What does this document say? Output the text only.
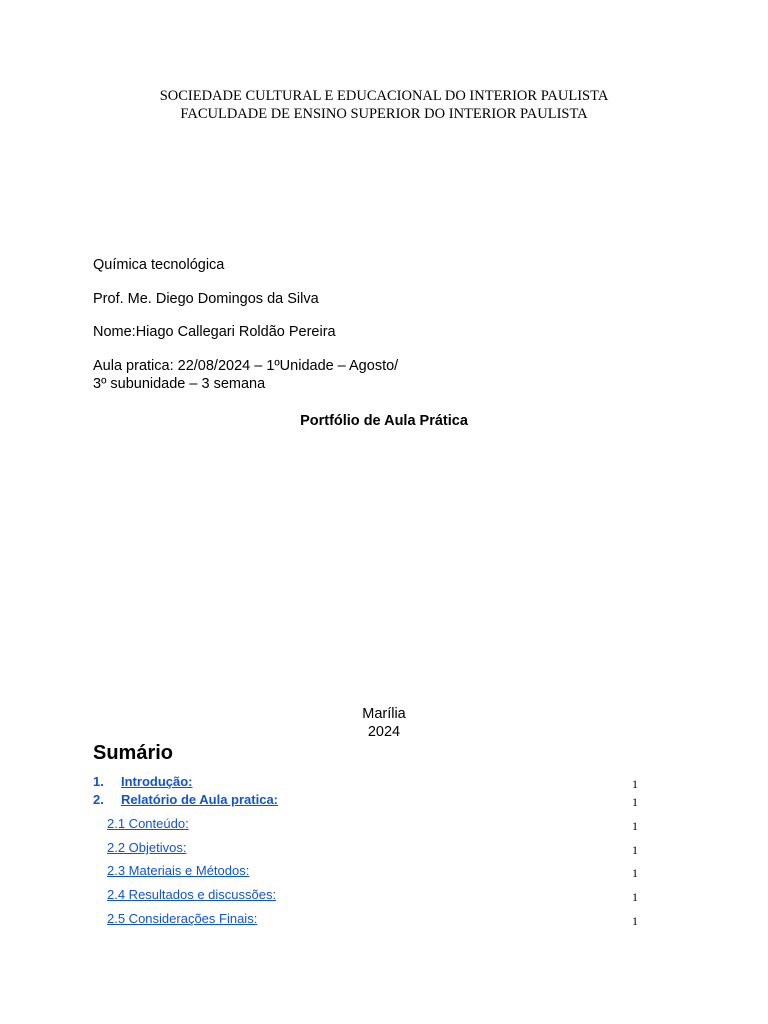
SOCIEDADE CULTURAL E EDUCACIONAL DO INTERIOR PAULISTA
FACULDADE DE ENSINO SUPERIOR DO INTERIOR PAULISTA
Química tecnológica
Prof. Me. Diego Domingos da Silva
Nome:Hiago Callegari Roldão Pereira
Aula pratica: 22/08/2024 – 1ºUnidade – Agosto/
3º subunidade – 3 semana
Portfólio de Aula Prática
Marília
2024
Sumário
1. Introdução:	1
2. Relatório de Aula pratica:	1
2.1 Conteúdo:	1
2.2 Objetivos:	1
2.3 Materiais e Métodos:	1
2.4 Resultados e discussões:	1
2.5 Considerações Finais:	1
